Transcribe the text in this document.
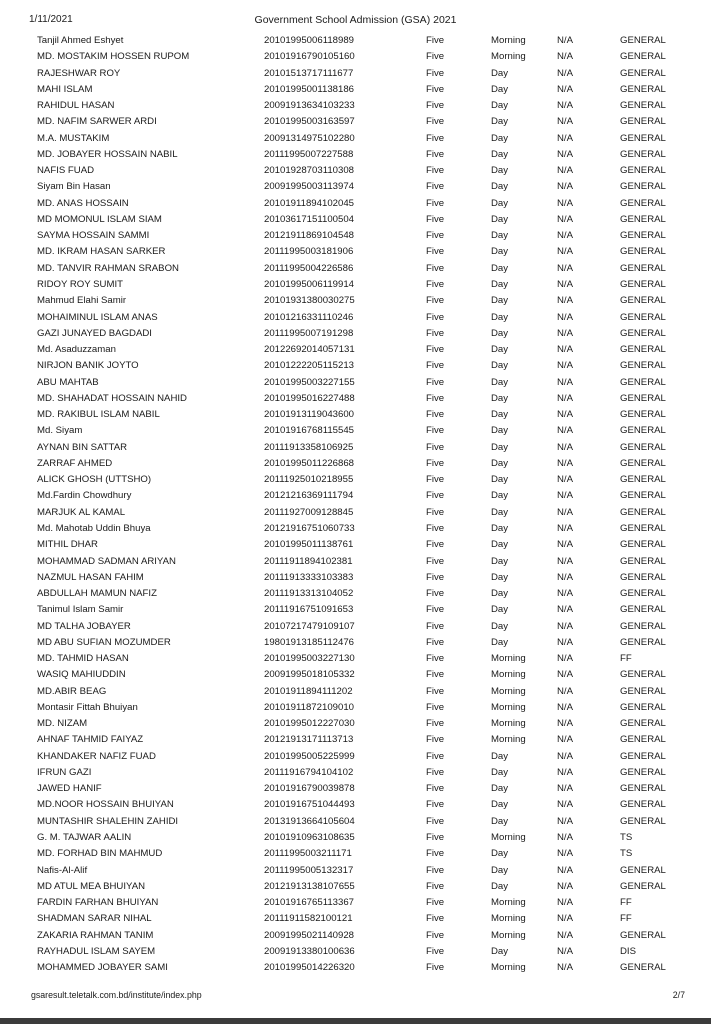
1/11/2021	Government School Admission (GSA) 2021
Tanjil Ahmed Eshyet	20101995006118989	Five	Morning	N/A	GENERAL
MD. MOSTAKIM HOSSEN RUPOM	20101916790105160	Five	Morning	N/A	GENERAL
RAJESHWAR ROY	20101513717111677	Five	Day	N/A	GENERAL
MAHI ISLAM	20101995001138186	Five	Day	N/A	GENERAL
RAHIDUL HASAN	20091913634103233	Five	Day	N/A	GENERAL
MD. NAFIM SARWER ARDI	20101995003163597	Five	Day	N/A	GENERAL
M.A. MUSTAKIM	20091314975102280	Five	Day	N/A	GENERAL
MD. JOBAYER HOSSAIN NABIL	20111995007227588	Five	Day	N/A	GENERAL
NAFIS FUAD	20101928703110308	Five	Day	N/A	GENERAL
Siyam Bin Hasan	20091995003113974	Five	Day	N/A	GENERAL
MD. ANAS HOSSAIN	20101911894102045	Five	Day	N/A	GENERAL
MD MOMONUL ISLAM SIAM	20103617151100504	Five	Day	N/A	GENERAL
SAYMA HOSSAIN SAMMI	20121911869104548	Five	Day	N/A	GENERAL
MD. IKRAM HASAN SARKER	20111995003181906	Five	Day	N/A	GENERAL
MD. TANVIR RAHMAN SRABON	20111995004226586	Five	Day	N/A	GENERAL
RIDOY ROY SUMIT	20101995006119914	Five	Day	N/A	GENERAL
Mahmud Elahi Samir	20101931380030275	Five	Day	N/A	GENERAL
MOHAIMINUL ISLAM ANAS	20101216331110246	Five	Day	N/A	GENERAL
GAZI JUNAYED BAGDADI	20111995007191298	Five	Day	N/A	GENERAL
Md. Asaduzzaman	20122692014057131	Five	Day	N/A	GENERAL
NIRJON BANIK JOYTO	20101222205115213	Five	Day	N/A	GENERAL
ABU MAHTAB	20101995003227155	Five	Day	N/A	GENERAL
MD. SHAHADAT HOSSAIN NAHID	20101995016227488	Five	Day	N/A	GENERAL
MD. RAKIBUL ISLAM NABIL	20101913119043600	Five	Day	N/A	GENERAL
Md. Siyam	20101916768115545	Five	Day	N/A	GENERAL
AYNAN BIN SATTAR	20111913358106925	Five	Day	N/A	GENERAL
ZARRAF AHMED	20101995011226868	Five	Day	N/A	GENERAL
ALICK GHOSH (UTTSHO)	20111925010218955	Five	Day	N/A	GENERAL
Md.Fardin Chowdhury	20121216369111794	Five	Day	N/A	GENERAL
MARJUK AL KAMAL	20111927009128845	Five	Day	N/A	GENERAL
Md. Mahotab Uddin Bhuya	20121916751060733	Five	Day	N/A	GENERAL
MITHIL DHAR	20101995011138761	Five	Day	N/A	GENERAL
MOHAMMAD SADMAN ARIYAN	20111911894102381	Five	Day	N/A	GENERAL
NAZMUL HASAN FAHIM	20111913333103383	Five	Day	N/A	GENERAL
ABDULLAH MAMUN NAFIZ	20111913313104052	Five	Day	N/A	GENERAL
Tanimul Islam Samir	20111916751091653	Five	Day	N/A	GENERAL
MD TALHA JOBAYER	20107217479109107	Five	Day	N/A	GENERAL
MD ABU SUFIAN MOZUMDER	19801913185112476	Five	Day	N/A	GENERAL
MD. TAHMID HASAN	20101995003227130	Five	Morning	N/A	FF
WASIQ MAHIUDDIN	20091995018105332	Five	Morning	N/A	GENERAL
MD.ABIR BEAG	20101911894111202	Five	Morning	N/A	GENERAL
Montasir Fittah Bhuiyan	20101911872109010	Five	Morning	N/A	GENERAL
MD. NIZAM	20101995012227030	Five	Morning	N/A	GENERAL
AHNAF TAHMID FAIYAZ	20121913171113713	Five	Morning	N/A	GENERAL
KHANDAKER NAFIZ FUAD	20101995005225999	Five	Day	N/A	GENERAL
IFRUN GAZI	20111916794104102	Five	Day	N/A	GENERAL
JAWED HANIF	20101916790039878	Five	Day	N/A	GENERAL
MD.NOOR HOSSAIN BHUIYAN	20101916751044493	Five	Day	N/A	GENERAL
MUNTASHIR SHALEHIN ZAHIDI	20131913664105604	Five	Day	N/A	GENERAL
G. M. TAJWAR AALIN	20101910963108635	Five	Morning	N/A	TS
MD. FORHAD BIN MAHMUD	20111995003211171	Five	Day	N/A	TS
Nafis-Al-Alif	20111995005132317	Five	Day	N/A	GENERAL
MD ATUL MEA BHUIYAN	20121913138107655	Five	Day	N/A	GENERAL
FARDIN FARHAN BHUIYAN	20101916765113367	Five	Morning	N/A	FF
SHADMAN SARAR NIHAL	20111911582100121	Five	Morning	N/A	FF
ZAKARIA RAHMAN TANIM	20091995021140928	Five	Morning	N/A	GENERAL
RAYHADUL ISLAM SAYEM	20091913380100636	Five	Day	N/A	DIS
MOHAMMED JOBAYER SAMI	20101995014226320	Five	Morning	N/A	GENERAL
gsaresult.teletalk.com.bd/institute/index.php	2/7
